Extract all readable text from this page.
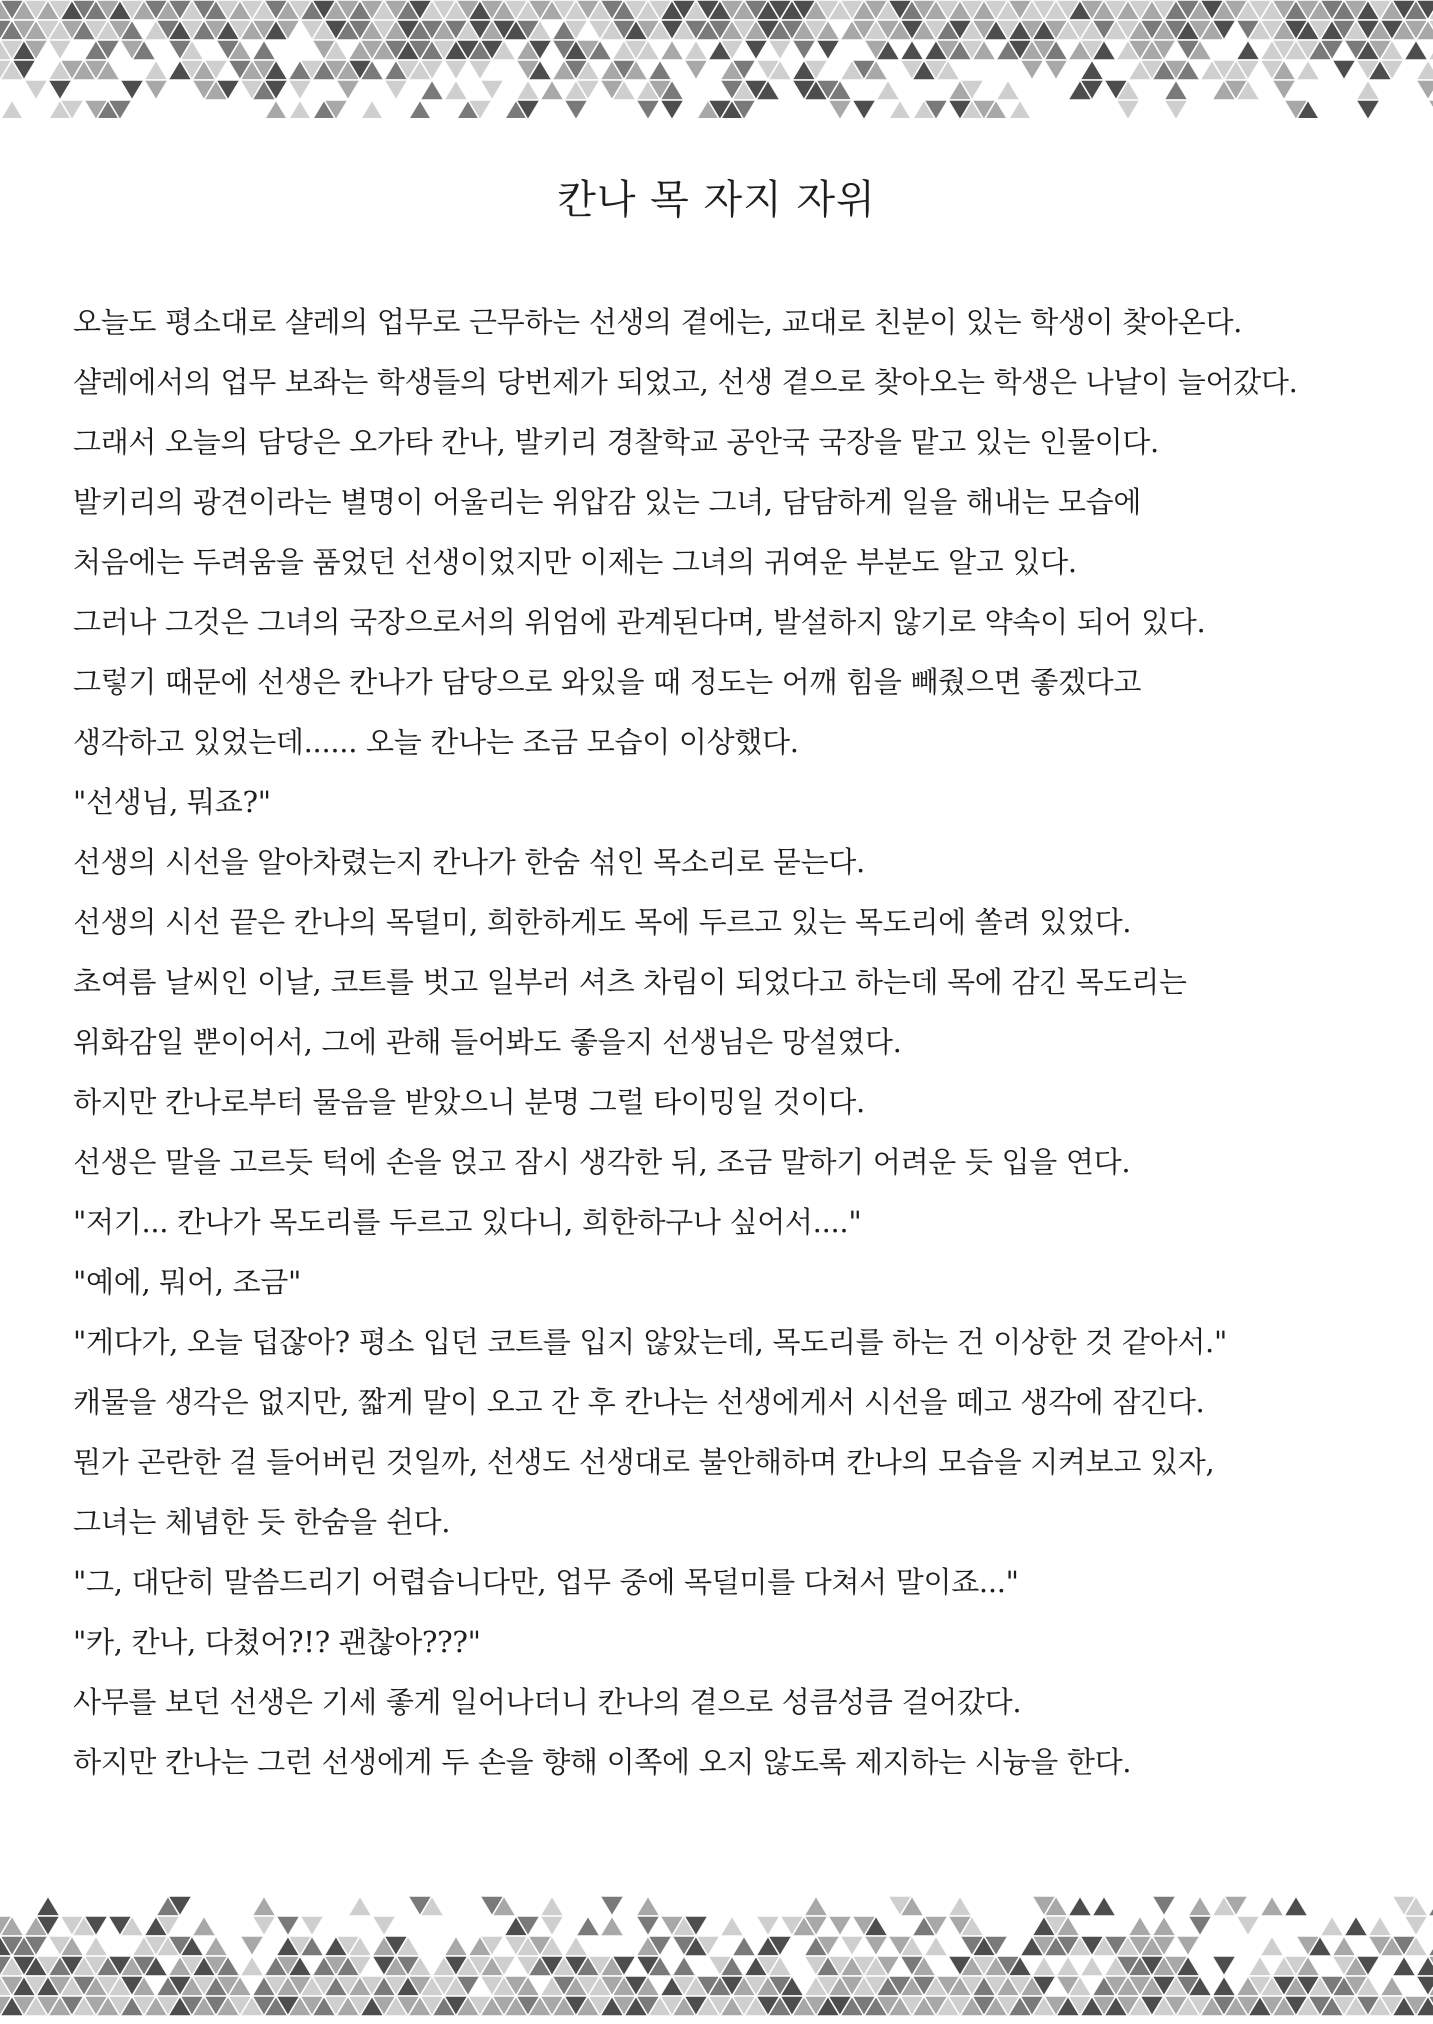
칸나 목 자지 자위

오늘도 평소대로 샬레의 업무로 근무하는 선생의 곁에는, 교대로 친분이 있는 학생이 찾아온다.

샬레에서의 업무 보좌는 학생들의 당번제가 되었고, 선생 곁으로 찾아오는 학생은 나날이 늘어갔다.

그래서 오늘의 담당은 오가타 칸나, 발키리 경찰학교 공안국 국장을 맡고 있는 인물이다.

발키리의 광견이라는 별명이 어울리는 위압감 있는 그녀, 담담하게 일을 해내는 모습에

처음에는 두려움을 품었던 선생이었지만 이제는 그녀의 귀여운 부분도 알고 있다.

그러나 그것은 그녀의 국장으로서의 위엄에 관계된다며, 발설하지 않기로 약속이 되어 있다.

그렇기 때문에 선생은 칸나가 담당으로 와있을 때 정도는 어깨 힘을 빼줬으면 좋겠다고

생각하고 있었는데...... 오늘 칸나는 조금 모습이 이상했다.

"선생님, 뭐죠?"

선생의 시선을 알아차렸는지 칸나가 한숨 섞인 목소리로 묻는다.

선생의 시선 끝은 칸나의 목덜미, 희한하게도 목에 두르고 있는 목도리에 쏠려 있었다.

초여름 날씨인 이날, 코트를 벗고 일부러 셔츠 차림이 되었다고 하는데 목에 감긴 목도리는

위화감일 뿐이어서, 그에 관해 들어봐도 좋을지 선생님은 망설였다.

하지만 칸나로부터 물음을 받았으니 분명 그럴 타이밍일 것이다.

선생은 말을 고르듯 턱에 손을 얹고 잠시 생각한 뒤, 조금 말하기 어려운 듯 입을 연다.

"저기... 칸나가 목도리를 두르고 있다니, 희한하구나 싶어서...."

"예에, 뭐어, 조금"

"게다가, 오늘 덥잖아? 평소 입던 코트를 입지 않았는데, 목도리를 하는 건 이상한 것 같아서."

캐물을 생각은 없지만, 짧게 말이 오고 간 후 칸나는 선생에게서 시선을 떼고 생각에 잠긴다.

뭔가 곤란한 걸 들어버린 것일까, 선생도 선생대로 불안해하며 칸나의 모습을 지켜보고 있자,

그녀는 체념한 듯 한숨을 쉰다.

"그, 대단히 말씀드리기 어렵습니다만, 업무 중에 목덜미를 다쳐서 말이죠..."

"카, 칸나, 다쳤어?!? 괜찮아???"

사무를 보던 선생은 기세 좋게 일어나더니 칸나의 곁으로 성큼성큼 걸어갔다.

하지만 칸나는 그런 선생에게 두 손을 향해 이쪽에 오지 않도록 제지하는 시늉을 한다.
